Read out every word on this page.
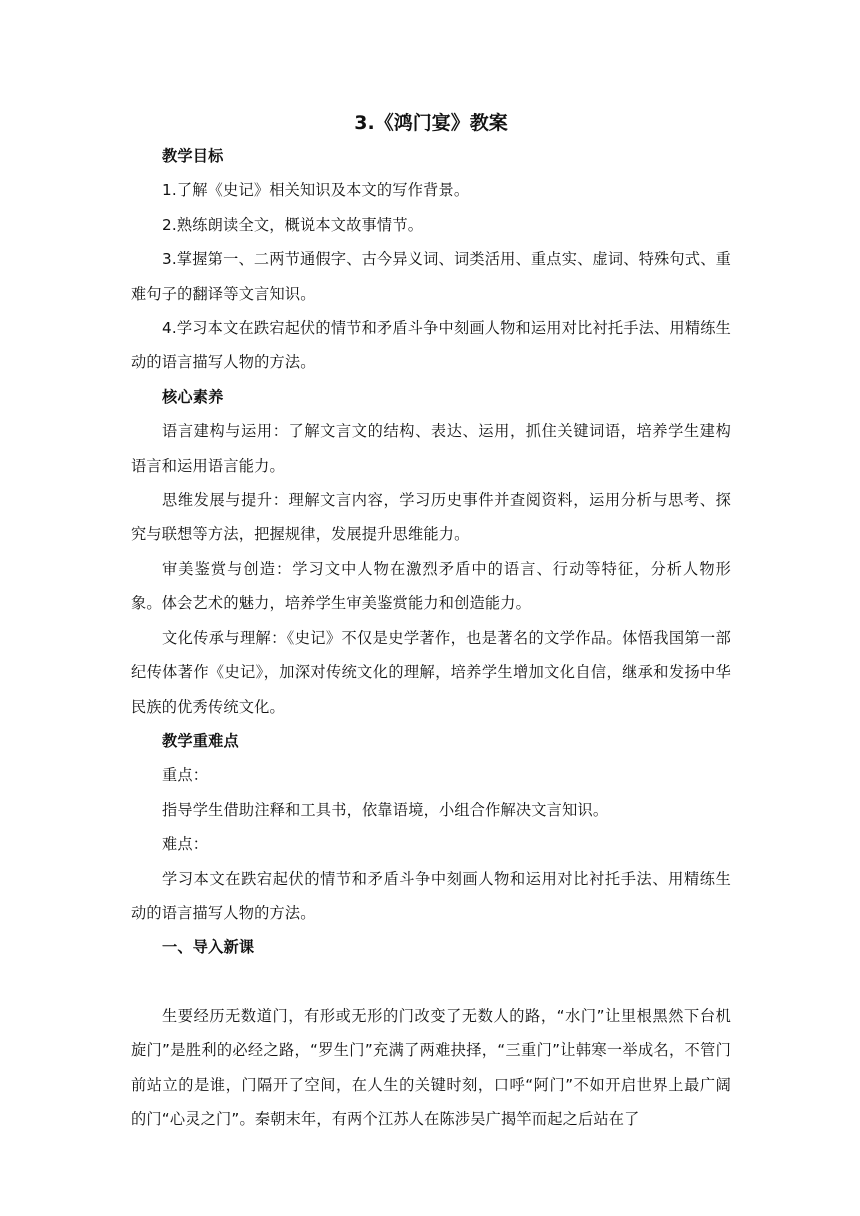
3.《鸿门宴》教案

教学目标

1.了解《史记》相关知识及本文的写作背景。

2.熟练朗读全文，概说本文故事情节。

3.掌握第一、二两节通假字、古今异义词、词类活用、重点实、虚词、特殊句式、重难句子的翻译等文言知识。

4.学习本文在跌宕起伏的情节和矛盾斗争中刻画人物和运用对比衬托手法、用精练生动的语言描写人物的方法。

核心素养

语言建构与运用：了解文言文的结构、表达、运用，抓住关键词语，培养学生建构语言和运用语言能力。

思维发展与提升：理解文言内容，学习历史事件并查阅资料，运用分析与思考、探究与联想等方法，把握规律，发展提升思维能力。

审美鉴赏与创造：学习文中人物在激烈矛盾中的语言、行动等特征，分析人物形象。体会艺术的魅力，培养学生审美鉴赏能力和创造能力。

文化传承与理解：《史记》不仅是史学著作，也是著名的文学作品。体悟我国第一部纪传体著作《史记》，加深对传统文化的理解，培养学生增加文化自信，继承和发扬中华民族的优秀传统文化。

教学重难点

重点：

指导学生借助注释和工具书，依靠语境，小组合作解决文言知识。

难点：

学习本文在跌宕起伏的情节和矛盾斗争中刻画人物和运用对比衬托手法、用精练生动的语言描写人物的方法。

一、导入新课

生要经历无数道门，有形或无形的门改变了无数人的路，“水门”让里根黑然下台机旋门”是胜利的必经之路，“罗生门”充满了两难抉择，“三重门”让韩寒一举成名，不管门前站立的是谁，门隔开了空间，在人生的关键时刻，口呼“阿门”不如开启世界上最广阔的门“心灵之门”。秦朝末年，有两个江苏人在陈涉吴广揭竿而起之后站在了
